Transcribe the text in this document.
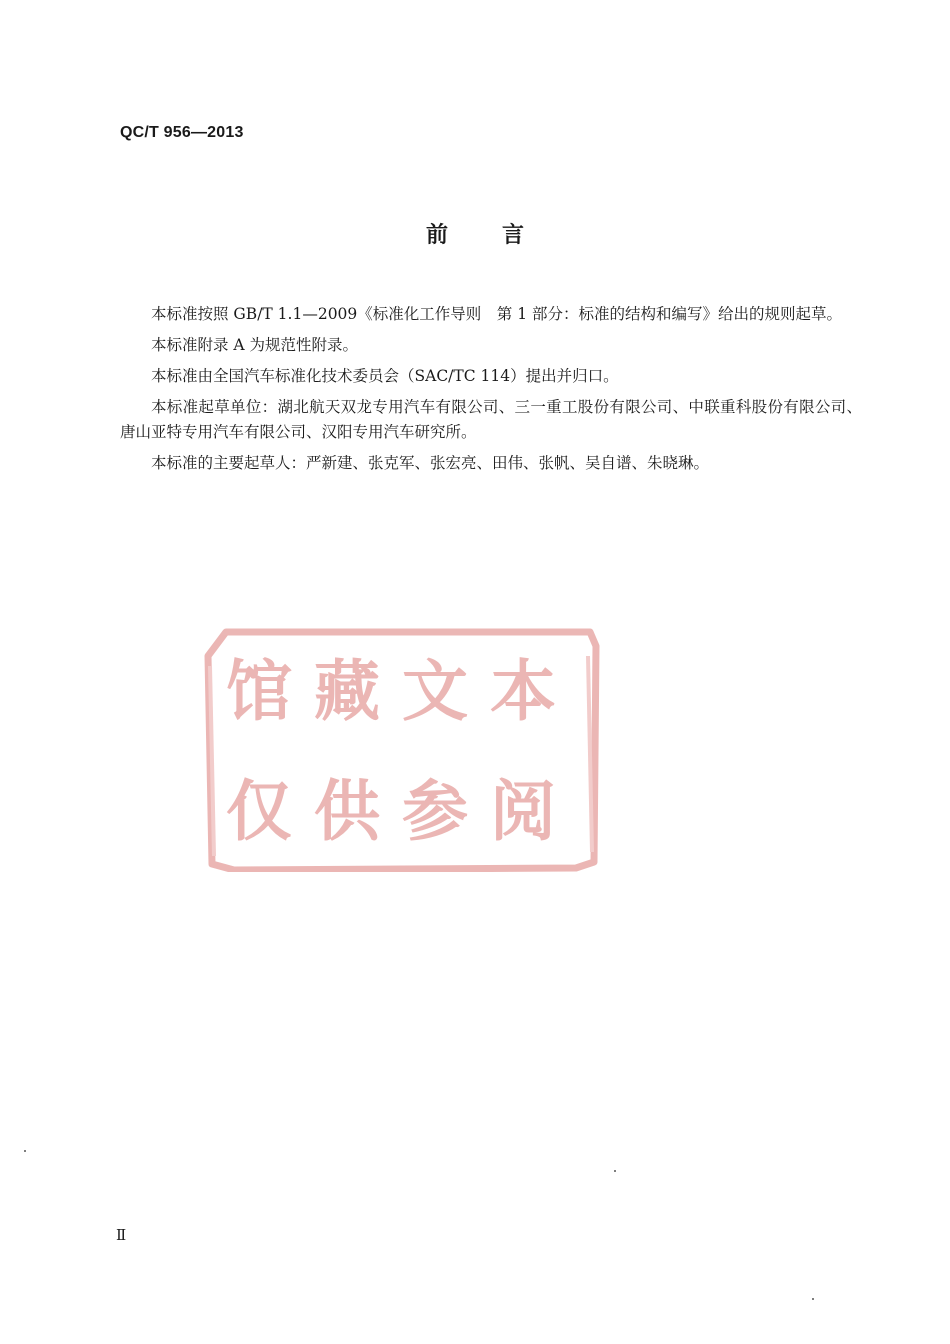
QC/T 956—2013
前言

本标准按照 GB/T 1.1—2009《标准化工作导则　第 1 部分：标准的结构和编写》给出的规则起草。

本标准附录 A 为规范性附录。

本标准由全国汽车标准化技术委员会（SAC/TC 114）提出并归口。

本标准起草单位：湖北航天双龙专用汽车有限公司、三一重工股份有限公司、中联重科股份有限公司、唐山亚特专用汽车有限公司、汉阳专用汽车研究所。

本标准的主要起草人：严新建、张克军、张宏亮、田伟、张帆、吴自谱、朱晓琳。

馆藏文本
仅供参阅
Ⅱ
